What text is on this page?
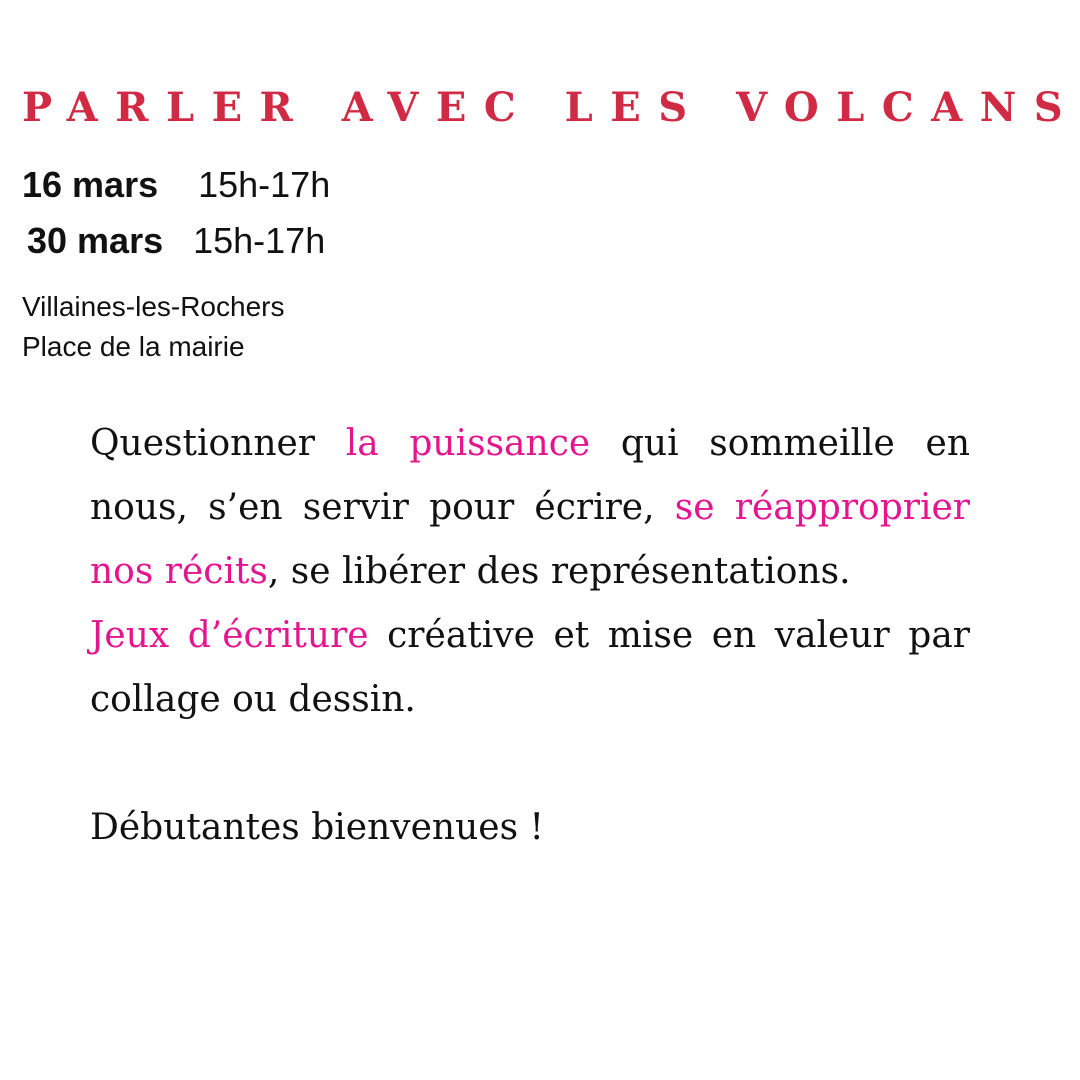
PARLER AVEC LES VOLCANS
16 mars 15h-17h
30 mars 15h-17h
Villaines-les-Rochers
Place de la mairie

Questionner la puissance qui sommeille en nous, s’en servir pour écrire, se réapproprier nos récits, se libérer des représentations.

Jeux d’écriture créative et mise en valeur par collage ou dessin.

Débutantes bienvenues !
